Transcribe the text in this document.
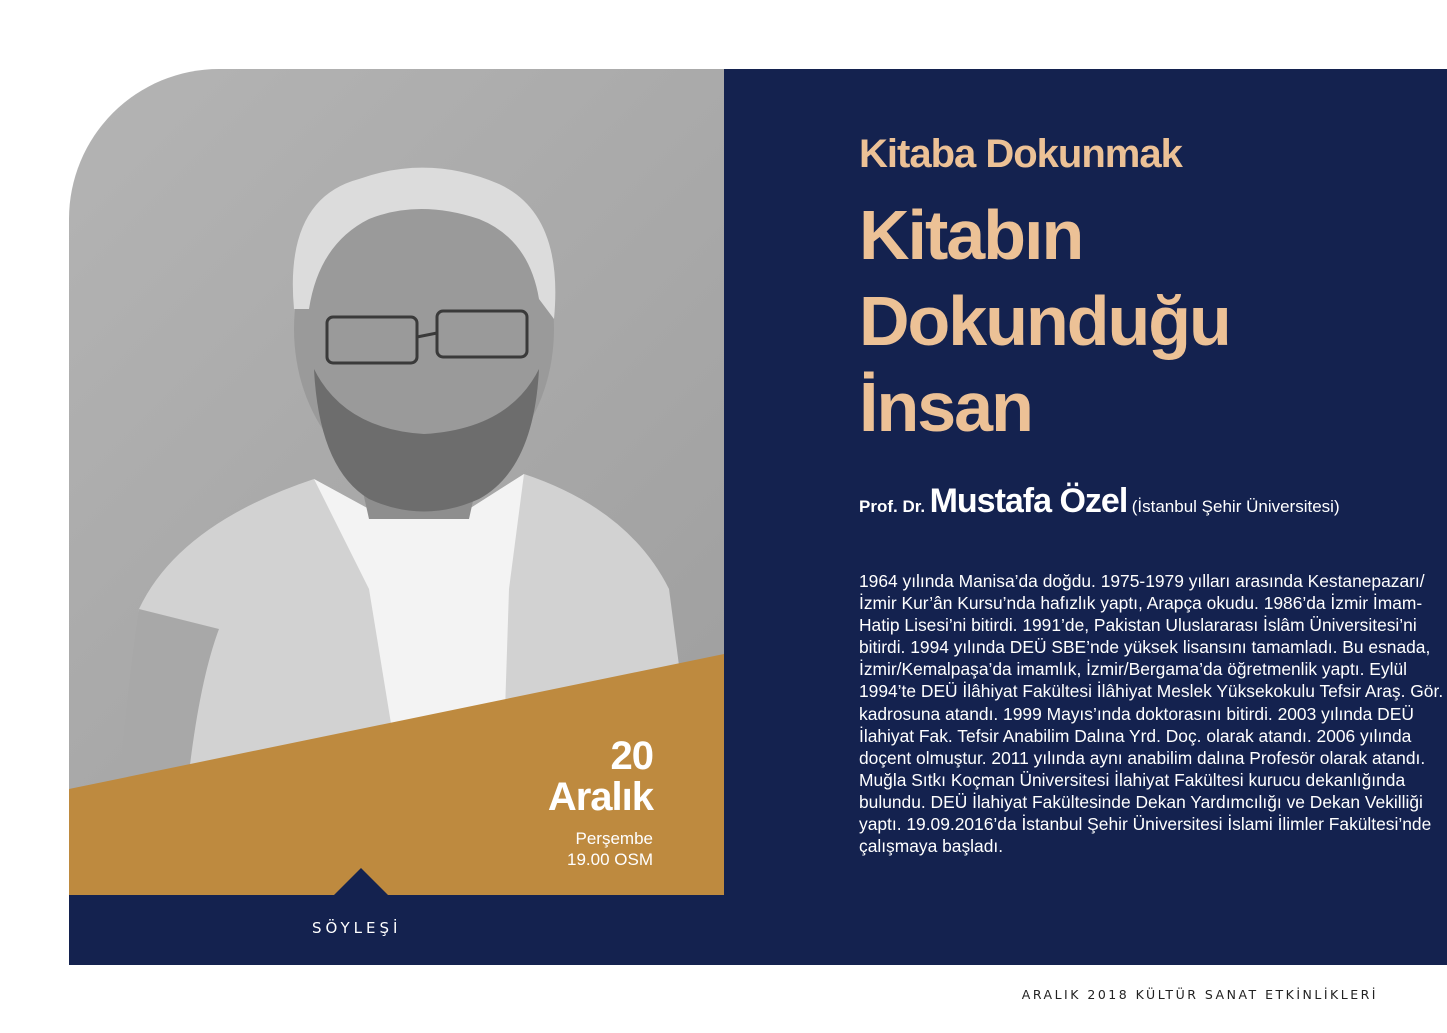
20
Aralık
Perşembe
19.00 OSM
SÖYLEŞİ
Kitaba Dokunmak
Kitabın Dokunduğu İnsan
Prof. Dr. Mustafa Özel (İstanbul Şehir Üniversitesi)
1964 yılında Manisa’da doğdu. 1975-1979 yılları arasında Kestanepazarı/İzmir Kur’ân Kursu’nda hafızlık yaptı, Arapça okudu. 1986’da İzmir İmam-Hatip Lisesi’ni bitirdi. 1991’de, Pakistan Uluslararası İslâm Üniversitesi’ni bitirdi. 1994 yılında DEÜ SBE’nde yüksek lisansını tamamladı. Bu esnada, İzmir/Kemalpaşa’da imamlık, İzmir/Bergama’da öğretmenlik yaptı. Eylül 1994’te DEÜ İlâhiyat Fakültesi İlâhiyat Meslek Yüksekokulu Tefsir Araş. Gör. kadrosuna atandı. 1999 Mayıs’ında doktorasını bitirdi. 2003 yılında DEÜ İlahiyat Fak. Tefsir Anabilim Dalına Yrd. Doç. olarak atandı. 2006 yılında doçent olmuştur. 2011 yılında aynı anabilim dalına Profesör olarak atandı. Muğla Sıtkı Koçman Üniversitesi İlahiyat Fakültesi kurucu dekanlığında bulundu. DEÜ İlahiyat Fakültesinde Dekan Yardımcılığı ve Dekan Vekilliği yaptı. 19.09.2016’da İstanbul Şehir Üniversitesi İslami İlimler Fakültesi’nde çalışmaya başladı.
ARALIK 2018 KÜLTÜR SANAT ETKİNLİKLERİ
